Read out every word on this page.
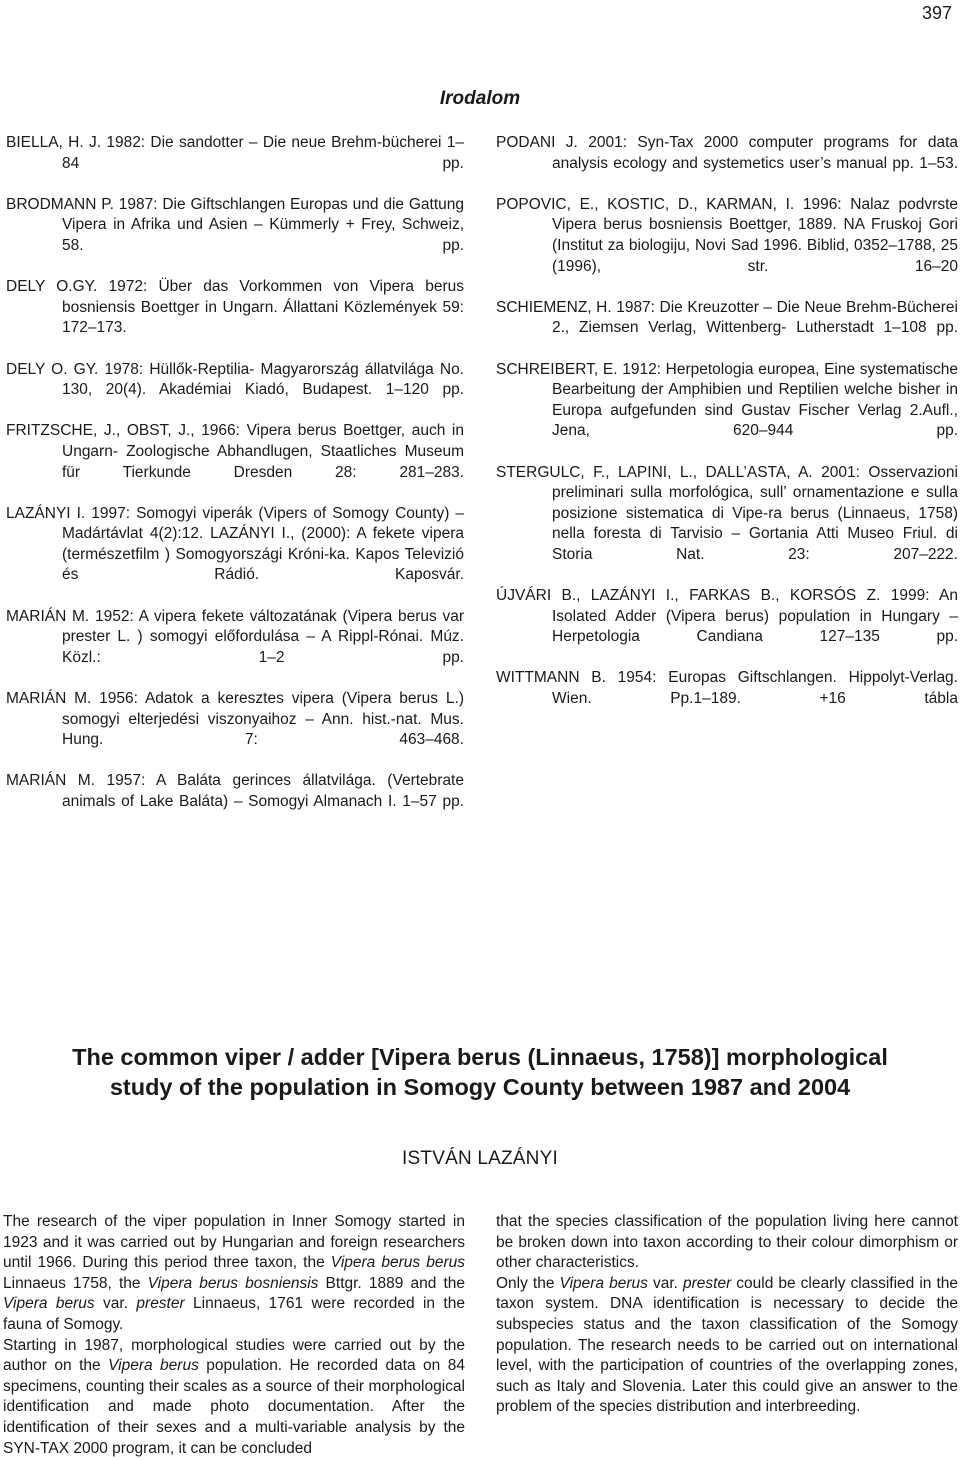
397
Irodalom

BIELLA, H. J. 1982: Die sandotter – Die neue Brehm-bücherei 1–84 pp.

BRODMANN P. 1987: Die Giftschlangen Europas und die Gattung Vipera in Afrika und Asien – Kümmerly + Frey, Schweiz, 58. pp.

DELY O.GY. 1972: Über das Vorkommen von Vipera berus bosniensis Boettger in Ungarn. Állattani Közlemények 59: 172–173.

DELY O. GY. 1978: Hüllők-Reptilia- Magyarország állatvilága No. 130, 20(4). Akadémiai Kiadó, Budapest. 1–120 pp.

FRITZSCHE, J., OBST, J., 1966: Vipera berus Boettger, auch in Ungarn- Zoologische Abhandlugen, Staatliches Museum für Tierkunde Dresden 28: 281–283.

LAZÁNYI I. 1997: Somogyi viperák (Vipers of Somogy County) – Madártávlat 4(2):12. LAZÁNYI I., (2000): A fekete vipera (természetfilm ) Somogyországi Króni-ka. Kapos Televizió és Rádió. Kaposvár.

MARIÁN M. 1952: A vipera fekete változatának (Vipera berus var prester L. ) somogyi előfordulása – A Rippl-Rónai. Múz. Közl.: 1–2 pp.

MARIÁN M. 1956: Adatok a keresztes vipera (Vipera berus L.) somogyi elterjedési viszonyaihoz – Ann. hist.-nat. Mus. Hung. 7: 463–468.

MARIÁN M. 1957: A Baláta gerinces állatvilága. (Vertebrate animals of Lake Baláta) – Somogyi Almanach I. 1–57 pp.

PODANI J. 2001: Syn-Tax 2000 computer programs for data analysis ecology and systemetics user’s manual pp. 1–53.

POPOVIC, E., KOSTIC, D., KARMAN, I. 1996: Nalaz podvrste Vipera berus bosniensis Boettger, 1889. NA Fruskoj Gori (Institut za biologiju, Novi Sad 1996. Biblid, 0352–1788, 25 (1996), str. 16–20

SCHIEMENZ, H. 1987: Die Kreuzotter – Die Neue Brehm-Bücherei 2., Ziemsen Verlag, Wittenberg- Lutherstadt 1–108 pp.

SCHREIBERT, E. 1912: Herpetologia europea, Eine systematische Bearbeitung der Amphibien und Reptilien welche bisher in Europa aufgefunden sind Gustav Fischer Verlag 2.Aufl., Jena, 620–944 pp.

STERGULC, F., LAPINI, L., DALL’ASTA, A. 2001: Osservazioni preliminari sulla morfológica, sull’ ornamentazione e sulla posizione sistematica di Vipe-ra berus (Linnaeus, 1758) nella foresta di Tarvisio – Gortania Atti Museo Friul. di Storia Nat. 23: 207–222.

ÚJVÁRI B., LAZÁNYI I., FARKAS B., KORSÓS Z. 1999: An Isolated Adder (Vipera berus) population in Hungary – Herpetologia Candiana 127–135 pp.

WITTMANN B. 1954: Europas Giftschlangen. Hippolyt-Verlag. Wien. Pp.1–189. +16 tábla

The common viper / adder [Vipera berus (Linnaeus, 1758)] morphological
study of the population in Somogy County between 1987 and 2004
ISTVÁN LAZÁNYI

The research of the viper population in Inner Somogy started in 1923 and it was carried out by Hungarian and foreign researchers until 1966. During this period three taxon, the Vipera berus berus Linnaeus 1758, the Vipera berus bosniensis Bttgr. 1889 and the Vipera berus var. prester Linnaeus, 1761 were recorded in the fauna of Somogy.

Starting in 1987, morphological studies were carried out by the author on the Vipera berus population. He recorded data on 84 specimens, counting their scales as a source of their morphological identification and made photo documentation. After the identification of their sexes and a multi-variable analysis by the SYN-TAX 2000 program, it can be concluded

that the species classification of the population living here cannot be broken down into taxon according to their colour dimorphism or other characteristics.

Only the Vipera berus var. prester could be clearly classified in the taxon system. DNA identification is necessary to decide the subspecies status and the taxon classification of the Somogy population. The research needs to be carried out on international level, with the participation of countries of the overlapping zones, such as Italy and Slovenia. Later this could give an answer to the problem of the species distribution and interbreeding.
